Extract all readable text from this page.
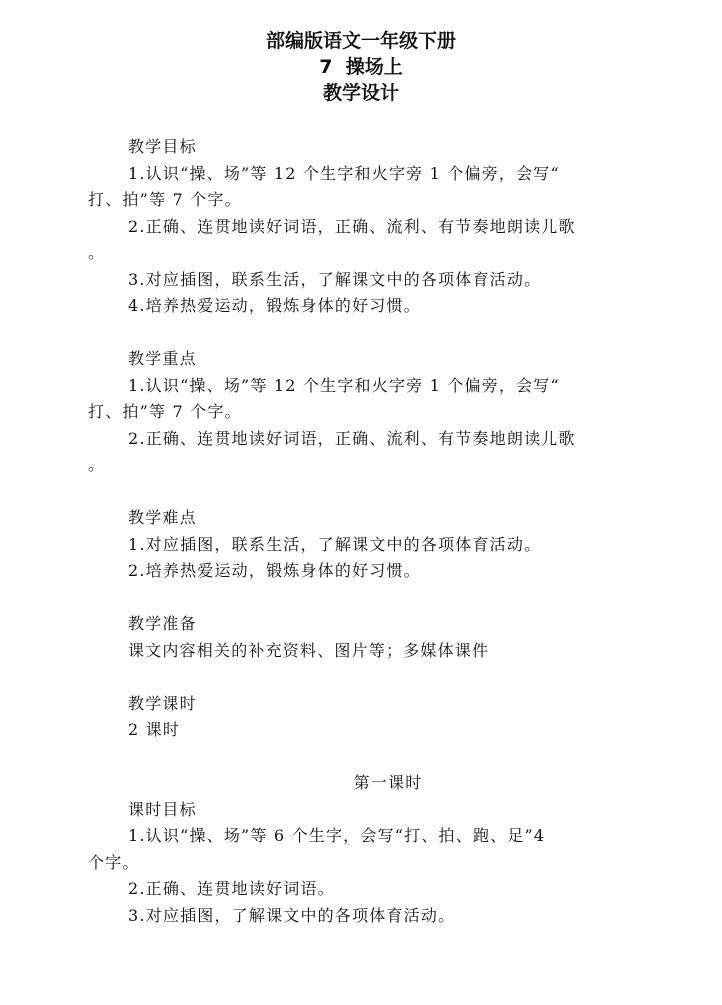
部编版语文一年级下册
7  操场上
教学设计
教学目标
1.认识“操、场”等 12 个生字和火字旁 1 个偏旁，会写“
打、拍”等 7 个字。
2.正确、连贯地读好词语，正确、流利、有节奏地朗读儿歌
。
3.对应插图，联系生活，了解课文中的各项体育活动。
4.培养热爱运动，锻炼身体的好习惯。
教学重点
1.认识“操、场”等 12 个生字和火字旁 1 个偏旁，会写“
打、拍”等 7 个字。
2.正确、连贯地读好词语，正确、流利、有节奏地朗读儿歌
。
教学难点
1.对应插图，联系生活，了解课文中的各项体育活动。
2.培养热爱运动，锻炼身体的好习惯。
教学准备
课文内容相关的补充资料、图片等；多媒体课件
教学课时
2 课时
第一课时
课时目标
1.认识“操、场”等 6 个生字，会写“打、拍、跑、足”4
个字。
2.正确、连贯地读好词语。
3.对应插图，了解课文中的各项体育活动。
